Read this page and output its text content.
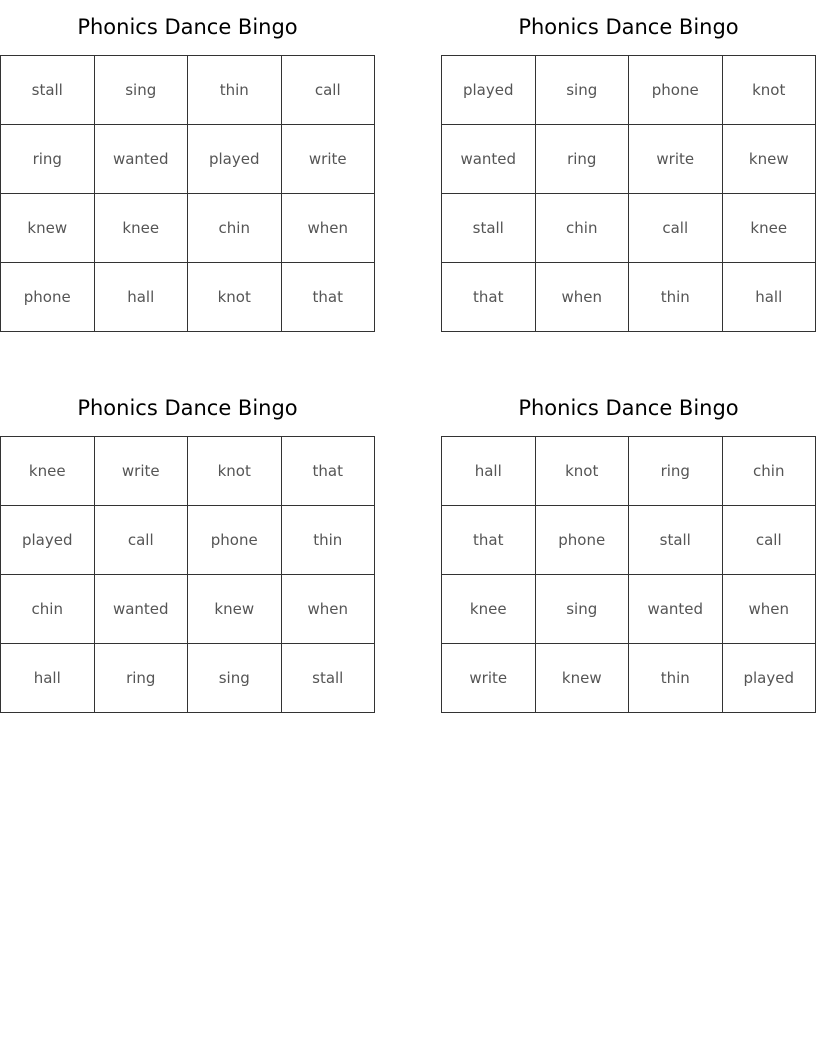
Phonics Dance Bingo
stall	sing	thin	call
ring	wanted	played	write
knew	knee	chin	when
phone	hall	knot	that
Phonics Dance Bingo
played	sing	phone	knot
wanted	ring	write	knew
stall	chin	call	knee
that	when	thin	hall
Phonics Dance Bingo
knee	write	knot	that
played	call	phone	thin
chin	wanted	knew	when
hall	ring	sing	stall
Phonics Dance Bingo
hall	knot	ring	chin
that	phone	stall	call
knee	sing	wanted	when
write	knew	thin	played
